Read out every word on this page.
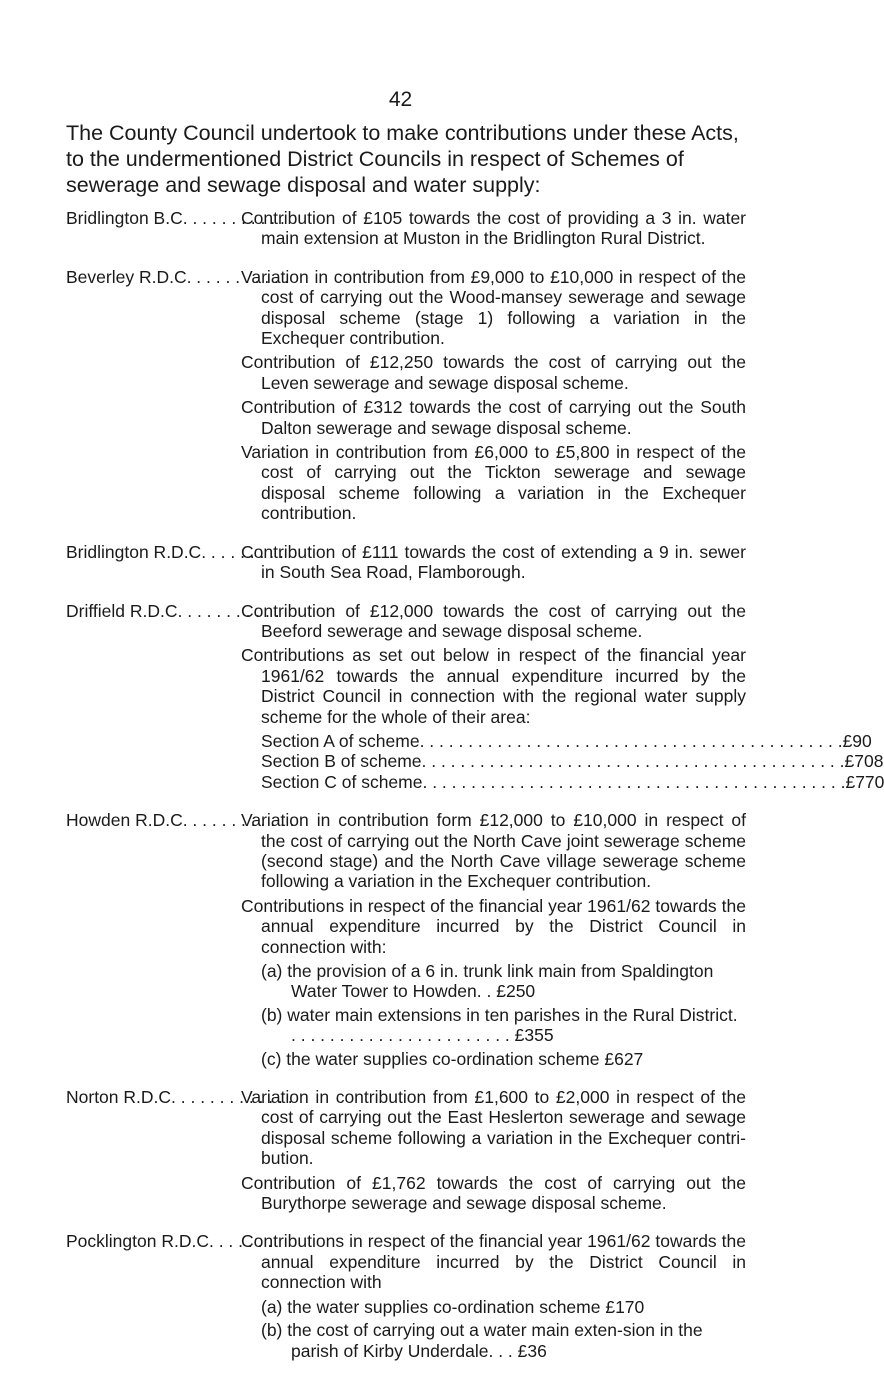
42

The County Council undertook to make contributions under these Acts, to the undermentioned District Councils in respect of Schemes of sewerage and sewage disposal and water supply:

Bridlington B.C. . . . . . . . . . .

Contribution of £105 towards the cost of providing a 3 in. water main extension at Muston in the Bridlington Rural District.

Beverley R.D.C. . . . . . . . . . .

Variation in contribution from £9,000 to £10,000 in respect of the cost of carrying out the Wood-mansey sewerage and sewage disposal scheme (stage 1) following a variation in the Exchequer contribution.

Contribution of £12,250 towards the cost of carrying out the Leven sewerage and sewage disposal scheme.

Contribution of £312 towards the cost of carrying out the South Dalton sewerage and sewage disposal scheme.

Variation in contribution from £6,000 to £5,800 in respect of the cost of carrying out the Tickton sewerage and sewage disposal scheme following a variation in the Exchequer contribution.

Bridlington R.D.C. . . . . . . . .

Contribution of £111 towards the cost of extending a 9 in. sewer in South Sea Road, Flamborough.

Driffield R.D.C. . . . . . . . . . .

Contribution of £12,000 towards the cost of carrying out the Beeford sewerage and sewage disposal scheme.

Contributions as set out below in respect of the financial year 1961/62 towards the annual expenditure incurred by the District Council in connection with the regional water supply scheme for the whole of their area:

Section A of scheme . . . . . . . . . . . . . . . . . . . . . . . . . . . . . . . . . . . . . . . . . . . . £90
Section B of scheme . . . . . . . . . . . . . . . . . . . . . . . . . . . . . . . . . . . . . . . . . . . . £708
Section C of scheme . . . . . . . . . . . . . . . . . . . . . . . . . . . . . . . . . . . . . . . . . . . . £770
Howden R.D.C. . . . . . . . . . . .

Variation in contribution form £12,000 to £10,000 in respect of the cost of carrying out the North Cave joint sewerage scheme (second stage) and the North Cave village sewerage scheme following a variation in the Exchequer contribution.

Contributions in respect of the financial year 1961/62 towards the annual expenditure incurred by the District Council in connection with:

(a) the provision of a 6 in. trunk link main from Spaldington Water Tower to Howden. . £250

(b) water main extensions in ten parishes in the Rural District. . . . . . . . . . . . . . . . . . . . . . . . £355

(c) the water supplies co-ordination scheme £627

Norton R.D.C. . . . . . . . . . . . .

Variation in contribution from £1,600 to £2,000 in respect of the cost of carrying out the East Heslerton sewerage and sewage disposal scheme following a variation in the Exchequer contri-bution.

Contribution of £1,762 towards the cost of carrying out the Burythorpe sewerage and sewage disposal scheme.

Pocklington R.D.C. . . . . . .

Contributions in respect of the financial year 1961/62 towards the annual expenditure incurred by the District Council in connection with

(a) the water supplies co-ordination scheme £170

(b) the cost of carrying out a water main exten-sion in the parish of Kirby Underdale. . . £36
